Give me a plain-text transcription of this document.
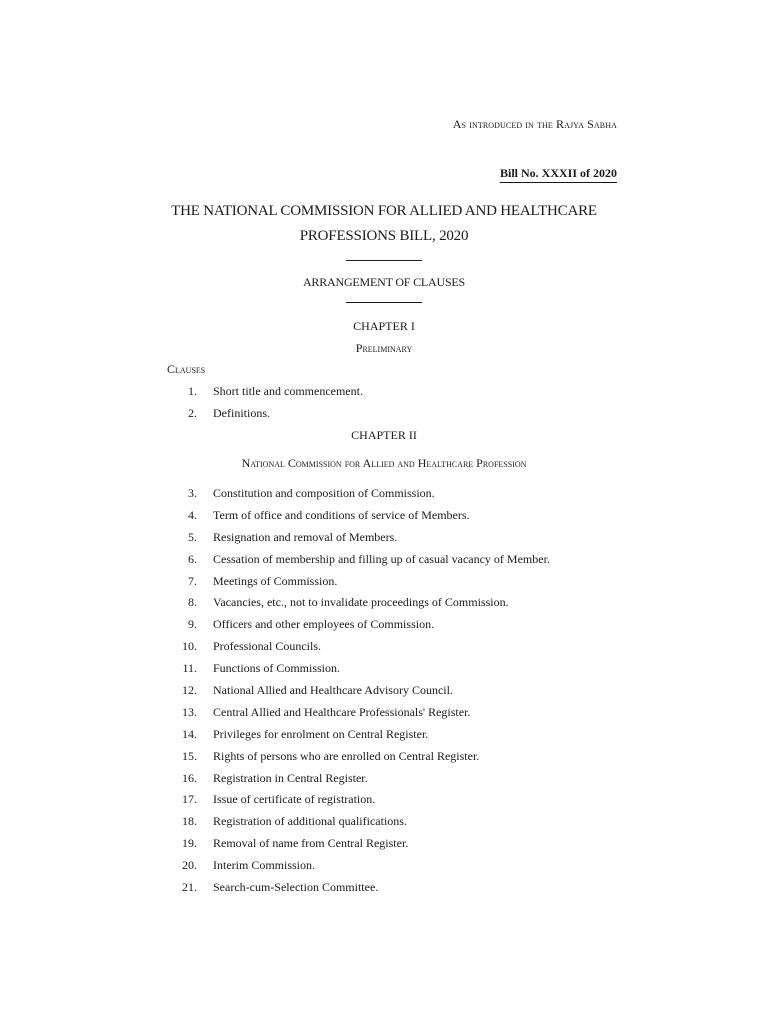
As introduced in the Rajya Sabha
Bill No. XXXII of 2020
THE NATIONAL COMMISSION FOR ALLIED AND HEALTHCARE
PROFESSIONS BILL, 2020
ARRANGEMENT OF CLAUSES
CHAPTER I
Preliminary
Clauses
1. Short title and commencement.
2. Definitions.
CHAPTER II
National Commission for Allied and Healthcare Profession
3. Constitution and composition of Commission.
4. Term of office and conditions of service of Members.
5. Resignation and removal of Members.
6. Cessation of membership and filling up of casual vacancy of Member.
7. Meetings of Commission.
8. Vacancies, etc., not to invalidate proceedings of Commission.
9. Officers and other employees of Commission.
10. Professional Councils.
11. Functions of Commission.
12. National Allied and Healthcare Advisory Council.
13. Central Allied and Healthcare Professionals' Register.
14. Privileges for enrolment on Central Register.
15. Rights of persons who are enrolled on Central Register.
16. Registration in Central Register.
17. Issue of certificate of registration.
18. Registration of additional qualifications.
19. Removal of name from Central Register.
20. Interim Commission.
21. Search-cum-Selection Committee.
